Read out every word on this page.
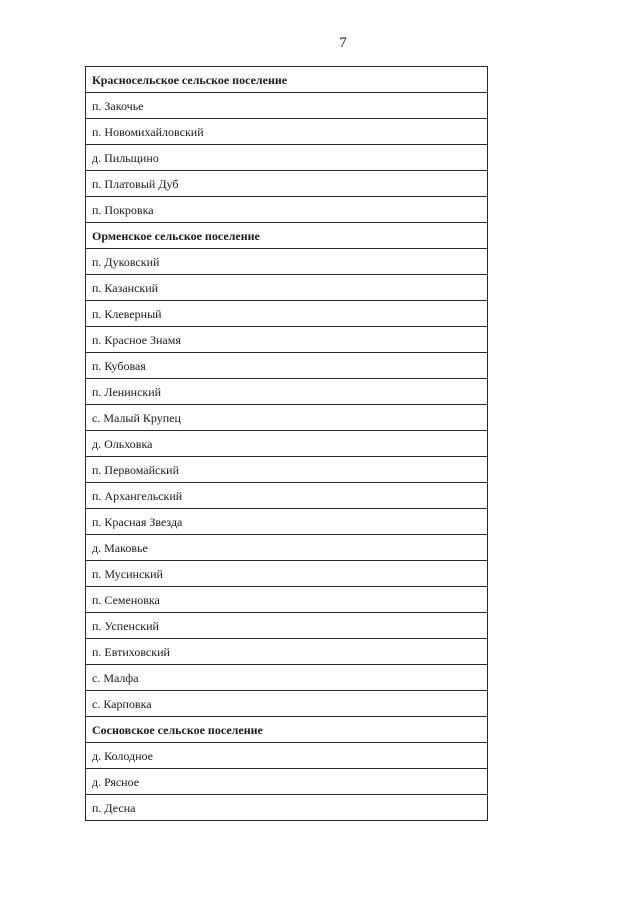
7
Красносельское сельское поселение
п. Закочье
п. Новомихайловский
д. Пильщино
п. Платовый Дуб
п. Покровка
Орменское сельское поселение
п. Дуковский
п. Казанский
п. Клеверный
п. Красное Знамя
п. Кубовая
п. Ленинский
с. Малый Крупец
д. Ольховка
п. Первомайский
п. Архангельский
п. Красная Звезда
д. Маковье
п. Мусинский
п. Семеновка
п. Успенский
п. Евтиховский
с. Малфа
с. Карповка
Сосновское сельское поселение
д. Колодное
д. Рясное
п. Десна
